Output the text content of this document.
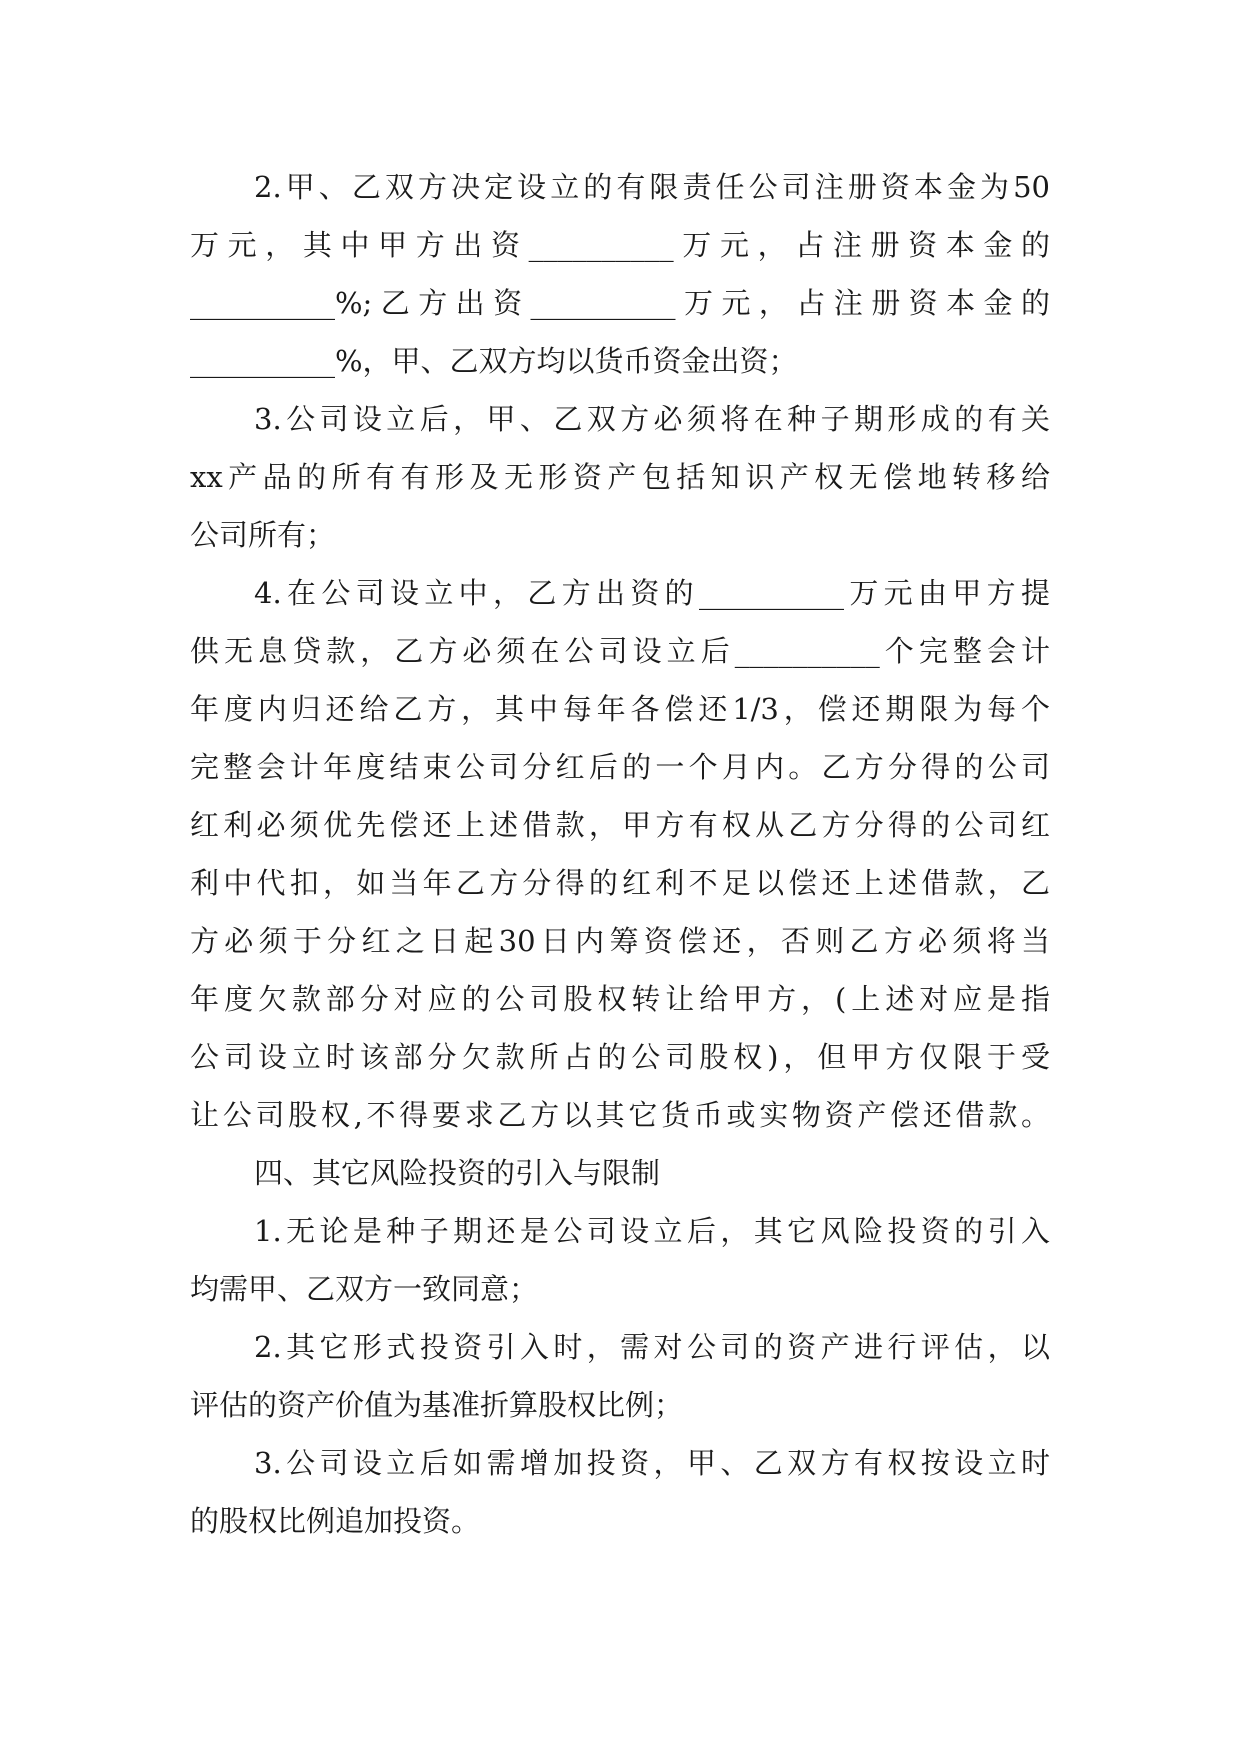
2.甲、乙双方决定设立的有限责任公司注册资本金为50
万元，其中甲方出资__________万元，占注册资本金的
__________%;乙方出资__________万元，占注册资本金的
__________%，甲、乙双方均以货币资金出资；
3.公司设立后，甲、乙双方必须将在种子期形成的有关
xx产品的所有有形及无形资产包括知识产权无偿地转移给
公司所有；
4.在公司设立中，乙方出资的__________万元由甲方提
供无息贷款，乙方必须在公司设立后__________个完整会计
年度内归还给乙方，其中每年各偿还1/3，偿还期限为每个
完整会计年度结束公司分红后的一个月内。乙方分得的公司
红利必须优先偿还上述借款，甲方有权从乙方分得的公司红
利中代扣，如当年乙方分得的红利不足以偿还上述借款，乙
方必须于分红之日起30日内筹资偿还，否则乙方必须将当
年度欠款部分对应的公司股权转让给甲方，(上述对应是指
公司设立时该部分欠款所占的公司股权)，但甲方仅限于受
让公司股权,不得要求乙方以其它货币或实物资产偿还借款。
四、其它风险投资的引入与限制
1.无论是种子期还是公司设立后，其它风险投资的引入
均需甲、乙双方一致同意；
2.其它形式投资引入时，需对公司的资产进行评估，以
评估的资产价值为基准折算股权比例；
3.公司设立后如需增加投资，甲、乙双方有权按设立时
的股权比例追加投资。
